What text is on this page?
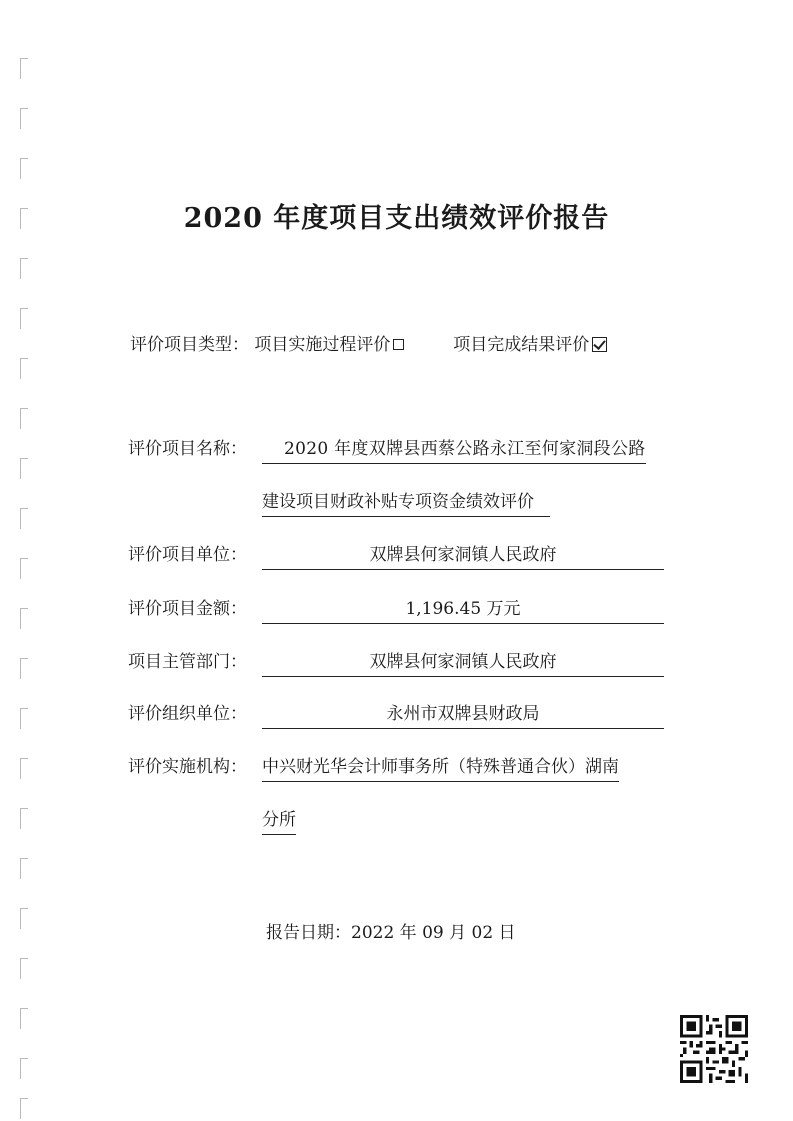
2020 年度项目支出绩效评价报告
评价项目类型： 项目实施过程评价	项目完成结果评价
评价项目名称：	2020 年度双牌县西蔡公路永江至何家洞段公路
建设项目财政补贴专项资金绩效评价
评价项目单位：	双牌县何家洞镇人民政府
评价项目金额：	1,196.45 万元
项目主管部门：	双牌县何家洞镇人民政府
评价组织单位：	永州市双牌县财政局
评价实施机构： 中兴财光华会计师事务所（特殊普通合伙）湖南
分所
报告日期：2022 年 09 月 02 日
